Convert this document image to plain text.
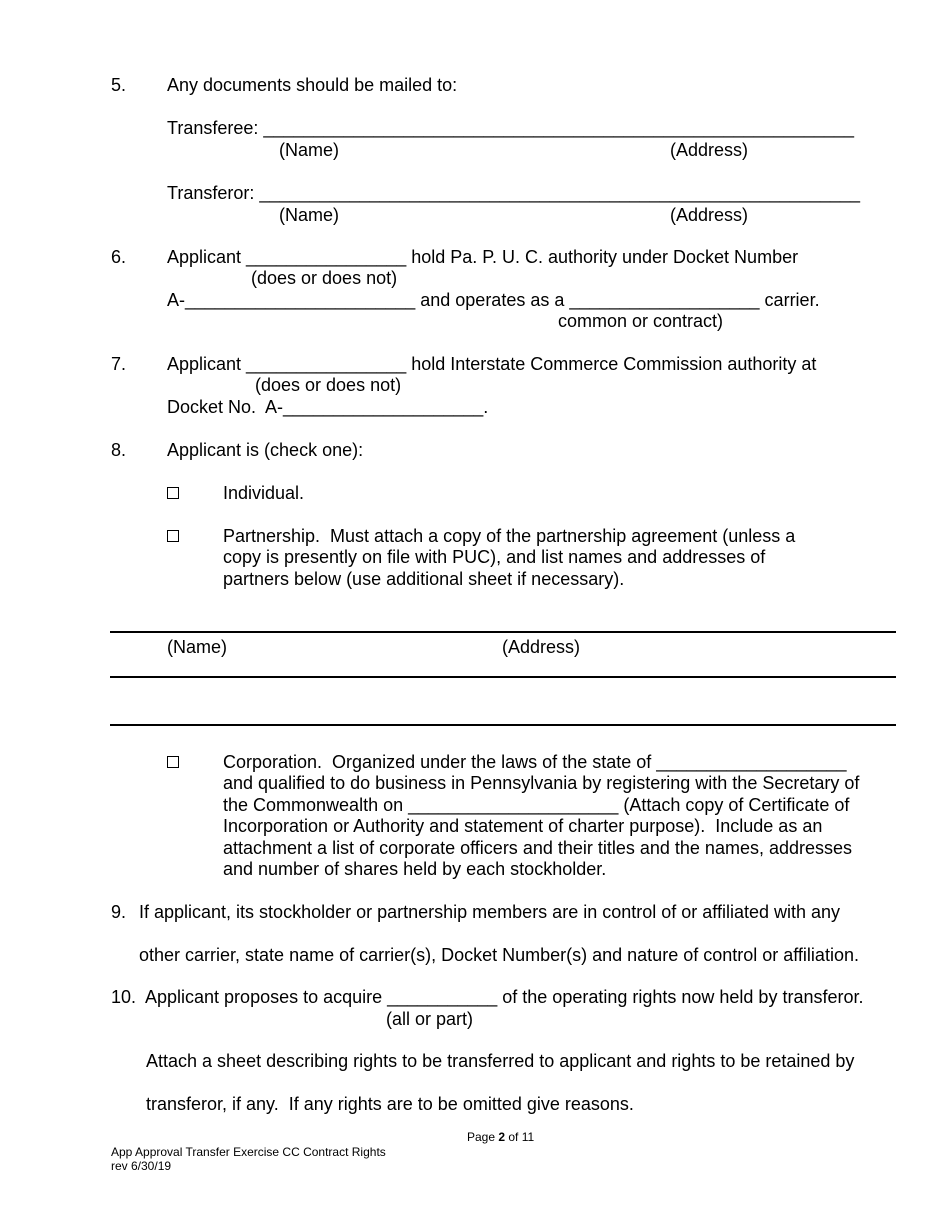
5. Any documents should be mailed to:
Transferee: ___________________________________________________________
(Name)	(Address)
Transferor: ____________________________________________________________
(Name)	(Address)
6. Applicant ________________ hold Pa. P. U. C. authority under Docket Number
(does or does not)
A-_______________________ and operates as a ___________________ carrier.
common or contract)
7. Applicant ________________ hold Interstate Commerce Commission authority at
(does or does not)
Docket No.  A-____________________.
8. Applicant is (check one):
Individual.
Partnership.  Must attach a copy of the partnership agreement (unless a
copy is presently on file with PUC), and list names and addresses of
partners below (use additional sheet if necessary).
(Name)	(Address)
Corporation.  Organized under the laws of the state of ___________________
and qualified to do business in Pennsylvania by registering with the Secretary of
the Commonwealth on _____________________ (Attach copy of Certificate of
Incorporation or Authority and statement of charter purpose).  Include as an
attachment a list of corporate officers and their titles and the names, addresses
and number of shares held by each stockholder.
9. If applicant, its stockholder or partnership members are in control of or affiliated with any
other carrier, state name of carrier(s), Docket Number(s) and nature of control or affiliation.
10. Applicant proposes to acquire ___________ of the operating rights now held by transferor.
(all or part)
Attach a sheet describing rights to be transferred to applicant and rights to be retained by
transferor, if any.  If any rights are to be omitted give reasons.
Page 2 of 11
App Approval Transfer Exercise CC Contract Rights
rev 6/30/19
